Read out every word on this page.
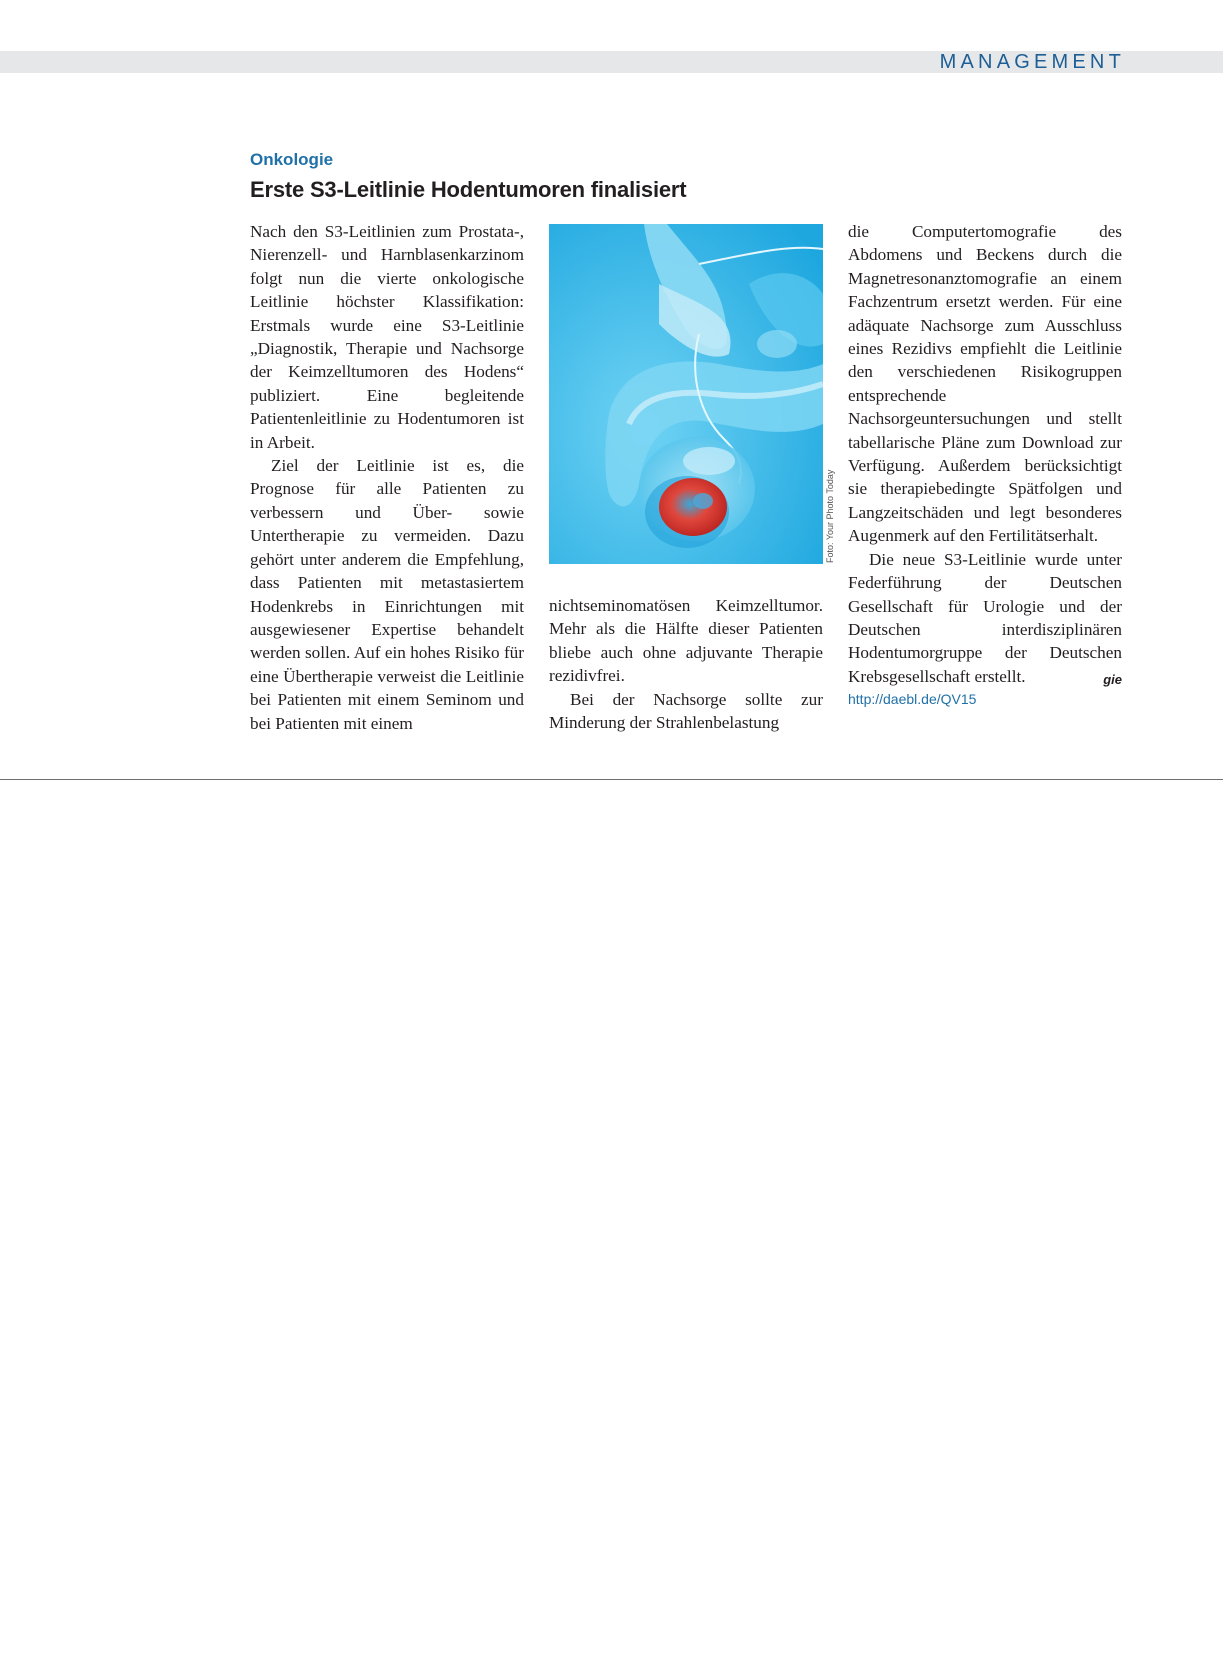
MANAGEMENT
Onkologie
Erste S3-Leitlinie Hodentumoren finalisiert

Nach den S3-Leitlinien zum Prostata-, Nierenzell- und Harnblasenkarzinom folgt nun die vierte onkologische Leitlinie höchster Klassifikation: Erstmals wurde eine S3-Leitlinie „Diagnostik, Therapie und Nachsorge der Keimzelltumoren des Hodens“ publiziert. Eine begleitende Patientenleitlinie zu Hodentumoren ist in Arbeit.

Ziel der Leitlinie ist es, die Prognose für alle Patienten zu verbessern und Über- sowie Untertherapie zu vermeiden. Dazu gehört unter anderem die Empfehlung, dass Patienten mit metastasiertem Hodenkrebs in Einrichtungen mit ausgewiesener Expertise behandelt werden sollen. Auf ein hohes Risiko für eine Übertherapie verweist die Leitlinie bei Patienten mit einem Seminom und bei Patienten mit einem

Foto: Your Photo Today

nichtseminomatösen Keimzelltumor. Mehr als die Hälfte dieser Patienten bliebe auch ohne adjuvante Therapie rezidivfrei.

Bei der Nachsorge sollte zur Minderung der Strahlenbelastung

die Computertomografie des Abdomens und Beckens durch die Magnetresonanztomografie an einem Fachzentrum ersetzt werden. Für eine adäquate Nachsorge zum Ausschluss eines Rezidivs empfiehlt die Leitlinie den verschiedenen Risikogruppen entsprechende Nachsorgeuntersuchungen und stellt tabellarische Pläne zum Download zur Verfügung. Außerdem berücksichtigt sie therapiebedingte Spätfolgen und Langzeitschäden und legt besonderes Augenmerk auf den Fertilitätserhalt.

Die neue S3-Leitlinie wurde unter Federführung der Deutschen Gesellschaft für Urologie und der Deutschen interdisziplinären Hodentumorgruppe der Deutschen Krebsgesellschaft erstellt.	gie

http://daebl.de/QV15
